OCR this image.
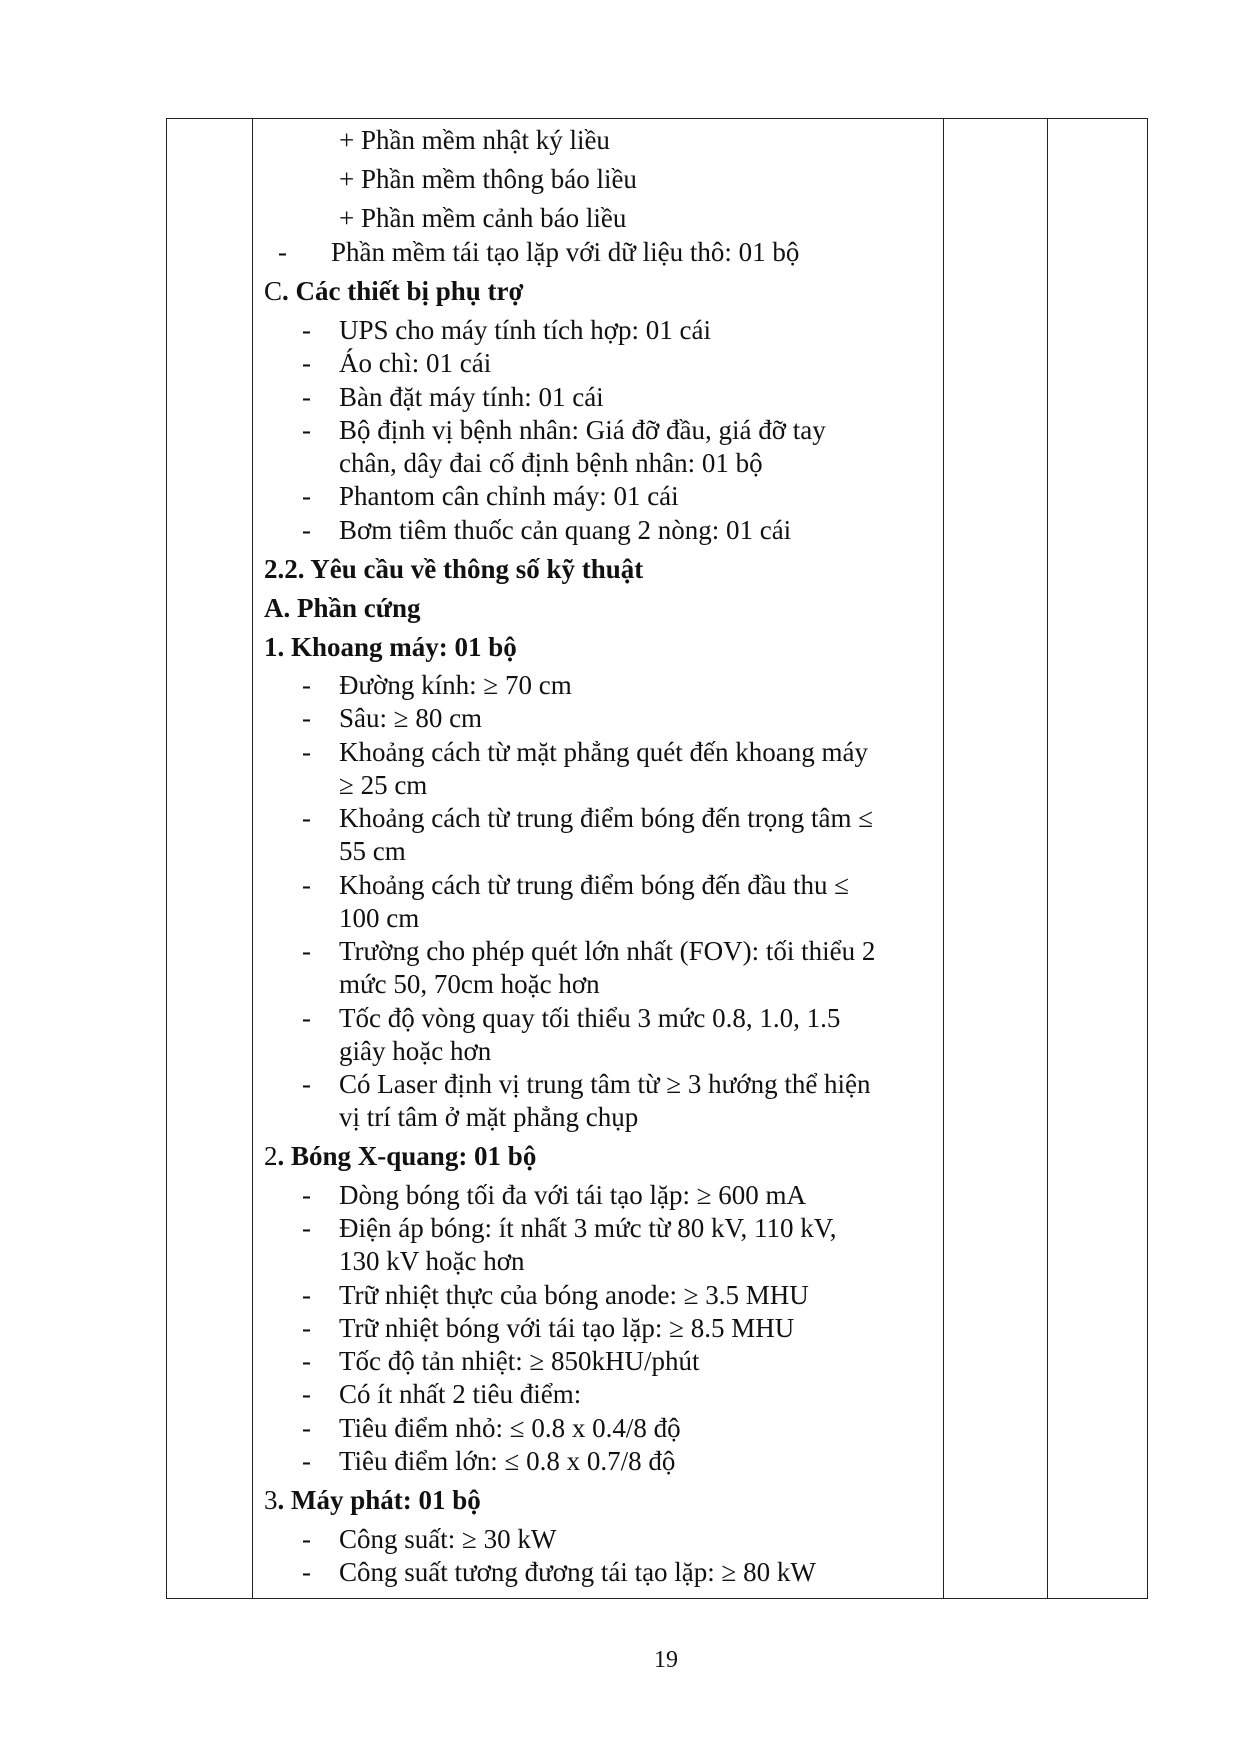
+ Phần mềm nhật ký liều
+ Phần mềm thông báo liều
+ Phần mềm cảnh báo liều
- Phần mềm tái tạo lặp với dữ liệu thô: 01 bộ
C. Các thiết bị phụ trợ
- UPS cho máy tính tích hợp: 01 cái
- Áo chì: 01 cái
- Bàn đặt máy tính: 01 cái
- Bộ định vị bệnh nhân: Giá đỡ đầu, giá đỡ tay
chân, dây đai cố định bệnh nhân: 01 bộ
- Phantom cân chỉnh máy: 01 cái
- Bơm tiêm thuốc cản quang 2 nòng: 01 cái
2.2. Yêu cầu về thông số kỹ thuật
A. Phần cứng
1. Khoang máy: 01 bộ
- Đường kính: ≥ 70 cm
- Sâu: ≥ 80 cm
- Khoảng cách từ mặt phẳng quét đến khoang máy
≥ 25 cm
- Khoảng cách từ trung điểm bóng đến trọng tâm ≤
55 cm
- Khoảng cách từ trung điểm bóng đến đầu thu ≤
100 cm
- Trường cho phép quét lớn nhất (FOV): tối thiểu 2
mức 50, 70cm hoặc hơn
- Tốc độ vòng quay tối thiểu 3 mức 0.8, 1.0, 1.5
giây hoặc hơn
- Có Laser định vị trung tâm từ ≥ 3 hướng thể hiện
vị trí tâm ở mặt phẳng chụp
2. Bóng X-quang: 01 bộ
- Dòng bóng tối đa với tái tạo lặp: ≥ 600 mA
- Điện áp bóng: ít nhất 3 mức từ 80 kV, 110 kV,
130 kV hoặc hơn
- Trữ nhiệt thực của bóng anode: ≥ 3.5 MHU
- Trữ nhiệt bóng với tái tạo lặp: ≥ 8.5 MHU
- Tốc độ tản nhiệt: ≥ 850kHU/phút
- Có ít nhất 2 tiêu điểm:
- Tiêu điểm nhỏ: ≤ 0.8 x 0.4/8 độ
- Tiêu điểm lớn: ≤ 0.8 x 0.7/8 độ
3. Máy phát: 01 bộ
- Công suất: ≥ 30 kW
- Công suất tương đương tái tạo lặp: ≥ 80 kW
19
